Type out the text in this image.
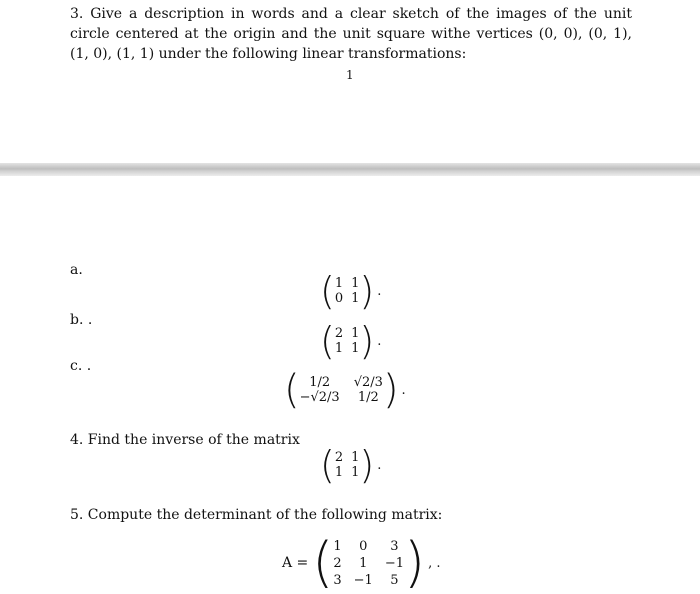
3. Give a description in words and a clear sketch of the images of the unit circle centered at the origin and the unit square withe vertices (0, 0), (0, 1), (1, 0), (1, 1) under the following linear transformations:
1
a.	( 1 1
0 1 ) .
b. .	( 2 1
1 1 ) .
c. .
( 1/2	√2/3
−√2/3	1/2 ) .
4. Find the inverse of the matrix
( 2 1
1 1 ) .
5. Compute the determinant of the following matrix:
A = ( 1	0	3
2	1	−1
3 −1	5 ) , .
